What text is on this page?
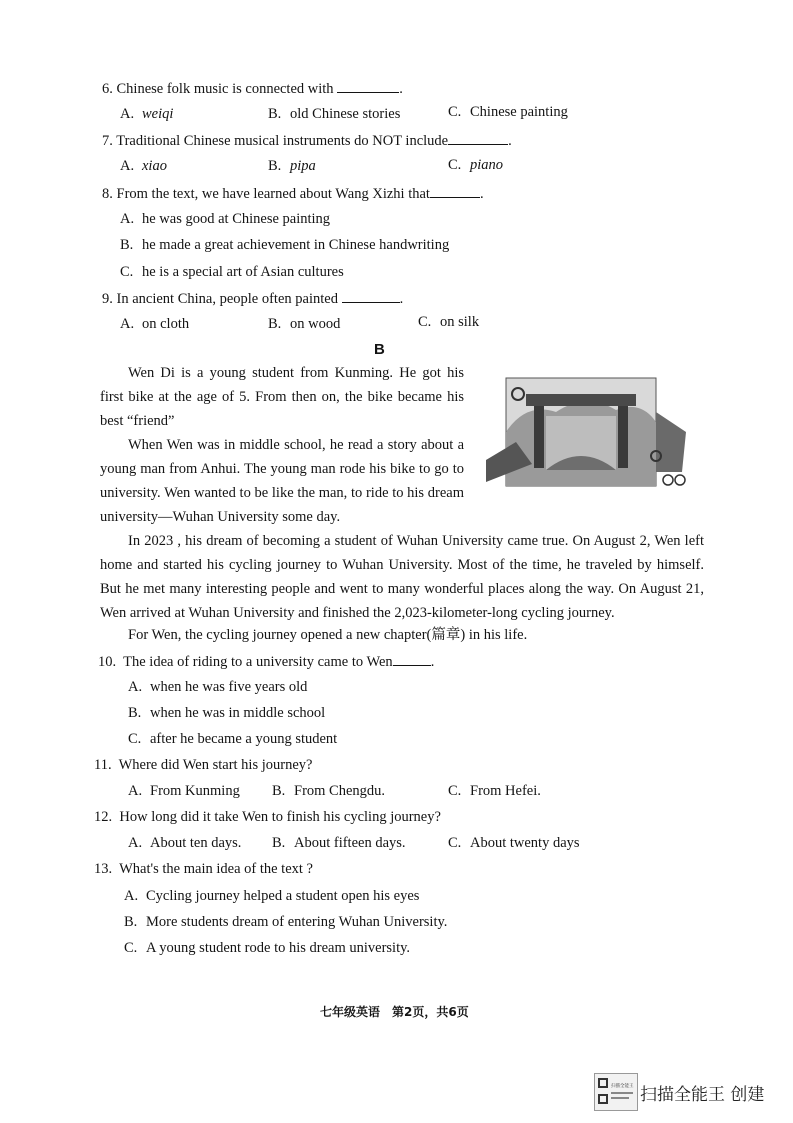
6. Chinese folk music is connected with	.
A. weiqi	B. old Chinese stories	C. Chinese painting
7. Traditional Chinese musical instruments do NOT include	.
A. xiao	B. pipa	C. piano
8. From the text, we have learned about Wang Xizhi that	.
A. he was good at Chinese painting
B. he made a great achievement in Chinese handwriting
C. he is a special art of Asian cultures
9. In ancient China, people often painted	.
A. on cloth	B. on wood	C. on silk
B
Wen Di is a young student from Kunming. He got his first bike at the age of 5. From then on, the bike became his best “friend”
When Wen was in middle school, he read a story about a young man from Anhui. The young man rode his bike to go to university. Wen wanted to be like the man, to ride to his dream university—Wuhan University some day.
In 2023 , his dream of becoming a student of Wuhan University came true. On August 2, Wen left home and started his cycling journey to Wuhan University. Most of the time, he traveled by himself. But he met many interesting people and went to many wonderful places along the way. On August 21, Wen arrived at Wuhan University and finished the 2,023-kilometer-long cycling journey.
For Wen, the cycling journey opened a new chapter(篇章) in his life.
10. The idea of riding to a university came to Wen	.
A. when he was five years old
B. when he was in middle school
C. after he became a young student
11. Where did Wen start his journey?
A. From Kunming B. From Chengdu.	C. From Hefei.
12. How long did it take Wen to finish his cycling journey?
A. About ten days. B. About fifteen days.	C. About twenty days
13. What's the main idea of the text ?
A. Cycling journey helped a student open his eyes
B. More students dream of entering Wuhan University.
C. A young student rode to his dream university.
七年级英语　第2页，共6页
扫描全能王 扫描全能王 创建
